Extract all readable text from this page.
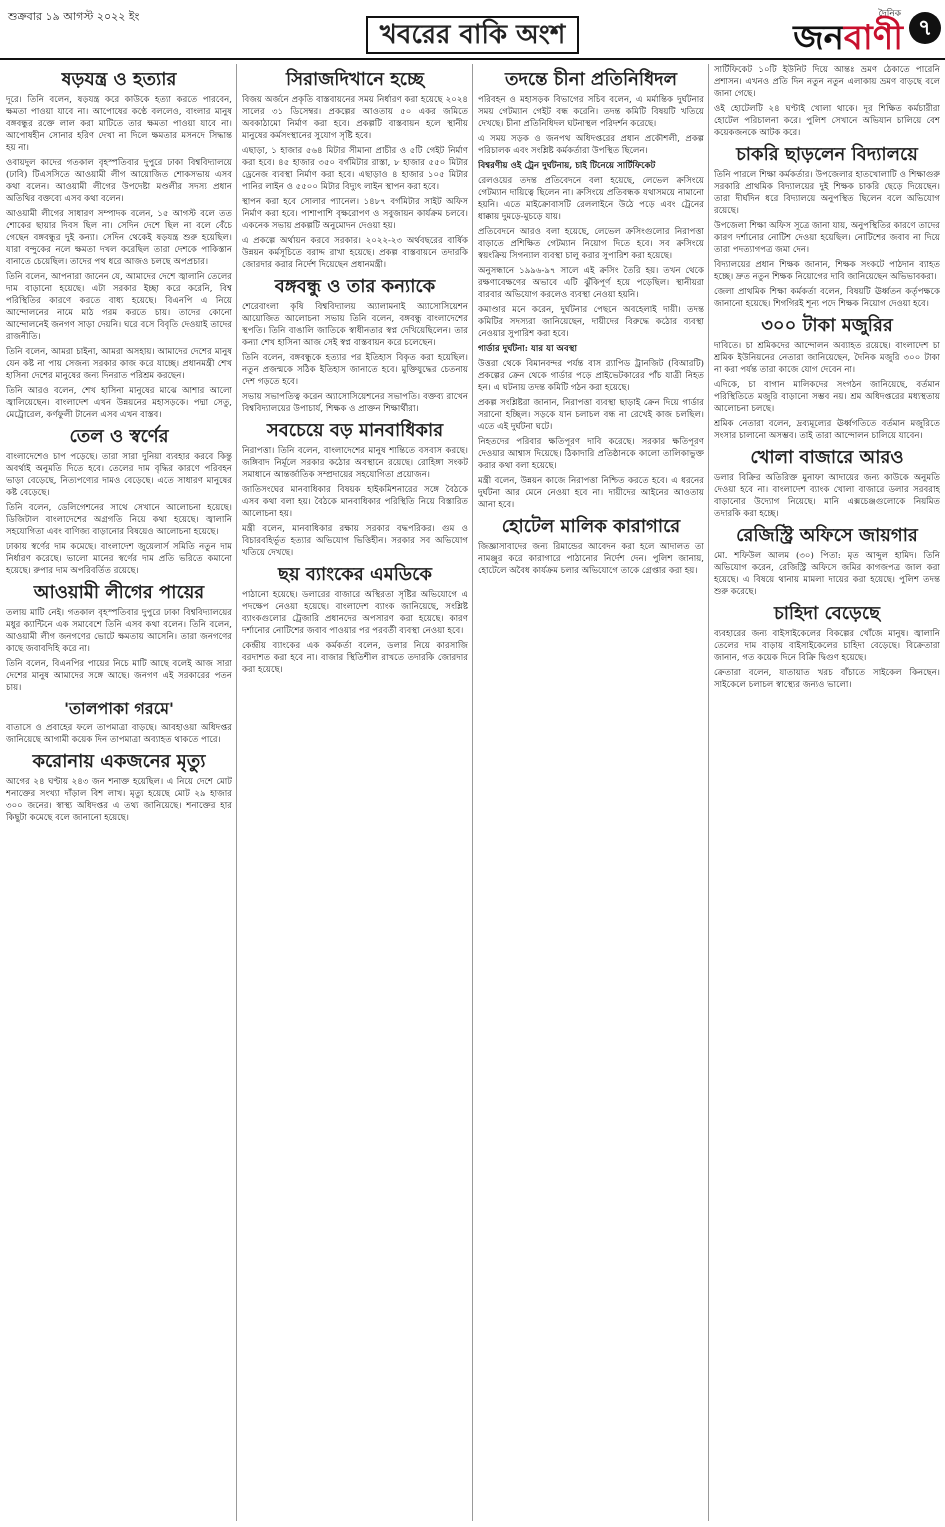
শুক্রবার ১৯ আগস্ট ২০২২ ইং
খবরের বাকি অংশ
দৈনিক
জনবাণী ৭
ষড়যন্ত্র ও হত্যার

দূরে। তিনি বলেন, ষড়যন্ত্র করে কাউকে হত্যা করতে পারবেন, ক্ষমতা পাওয়া যাবে না। আপোষের কণ্ঠে বললেও, বাংলার মানুষ বঙ্গবন্ধুর রক্তে লাল করা মাটিতে তার ক্ষমতা পাওয়া যাবে না। আপোষহীন সোনার হরিণ দেখা না দিলে ক্ষমতার মসনদে সিদ্ধান্ত হয় না।

ওবায়দুল কাদের গতকাল বৃহস্পতিবার দুপুরে ঢাকা বিশ্ববিদ্যালয়ে (ঢাবি) টিএসসিতে আওয়ামী লীগ আয়োজিত শোকসভায় এসব কথা বলেন। আওয়ামী লীগের উপদেষ্টা মণ্ডলীর সদস্য প্রধান অতিথির বক্তব্যে এসব কথা বলেন।

আওয়ামী লীগের সাধারণ সম্পাদক বলেন, ১৫ আগস্ট বলে তত শোকের ছায়ার দিবস ছিল না। সেদিন দেশে ছিল না বলে বেঁচে গেছেন বঙ্গবন্ধুর দুই কন্যা। সেদিন থেকেই ষড়যন্ত্র শুরু হয়েছিল। যারা বন্দুকের নলে ক্ষমতা দখল করেছিল তারা দেশকে পাকিস্তান বানাতে চেয়েছিল। তাদের পথ ধরে আজও চলছে অপপ্রচার।

তিনি বলেন, আপনারা জানেন যে, আমাদের দেশে জ্বালানি তেলের দাম বাড়ানো হয়েছে। এটা সরকার ইচ্ছা করে করেনি, বিশ্ব পরিস্থিতির কারণে করতে বাধ্য হয়েছে। বিএনপি এ নিয়ে আন্দোলনের নামে মাঠ গরম করতে চায়। তাদের কোনো আন্দোলনেই জনগণ সাড়া দেয়নি। ঘরে বসে বিবৃতি দেওয়াই তাদের রাজনীতি।

তিনি বলেন, আমরা চাইনা, আমরা অসহায়। আমাদের দেশের মানুষ যেন কষ্ট না পায় সেজন্য সরকার কাজ করে যাচ্ছে। প্রধানমন্ত্রী শেখ হাসিনা দেশের মানুষের জন্য দিনরাত পরিশ্রম করছেন।

তিনি আরও বলেন, শেখ হাসিনা মানুষের মাঝে আশার আলো জ্বালিয়েছেন। বাংলাদেশ এখন উন্নয়নের মহাসড়কে। পদ্মা সেতু, মেট্রোরেল, কর্ণফুলী টানেল এসব এখন বাস্তব।

তেল ও স্বর্ণের

বাংলাদেশেও চাপ পড়েছে। তারা সারা দুনিয়া ব্যবহার করবে কিন্তু অবর্থাই অনুমতি দিতে হবে। তেলের দাম বৃদ্ধির কারণে পরিবহন ভাড়া বেড়েছে, নিত্যপণ্যের দামও বেড়েছে। এতে সাধারণ মানুষের কষ্ট বেড়েছে।

তিনি বলেন, ডেলিগেশনের সাথে সেখানে আলোচনা হয়েছে। ডিজিটাল বাংলাদেশের অগ্রগতি নিয়ে কথা হয়েছে। জ্বালানি সহযোগিতা এবং বাণিজ্য বাড়ানোর বিষয়েও আলোচনা হয়েছে।

ঢাকায় স্বর্ণের দাম কমেছে। বাংলাদেশ জুয়েলার্স সমিতি নতুন দাম নির্ধারণ করেছে। ভালো মানের স্বর্ণের দাম প্রতি ভরিতে কমানো হয়েছে। রুপার দাম অপরিবর্তিত রয়েছে।

আওয়ামী লীগের পায়ের

তলায় মাটি নেই। গতকাল বৃহস্পতিবার দুপুরে ঢাকা বিশ্ববিদ্যালয়ের মধুর ক্যান্টিনে এক সমাবেশে তিনি এসব কথা বলেন। তিনি বলেন, আওয়ামী লীগ জনগণের ভোটে ক্ষমতায় আসেনি। তারা জনগণের কাছে জবাবদিহি করে না।

তিনি বলেন, বিএনপির পায়ের নিচে মাটি আছে বলেই আজ সারা দেশের মানুষ আমাদের সঙ্গে আছে। জনগণ এই সরকারের পতন চায়।

'তালপাকা গরমে'

বাতাসে ও প্রবাহের ফলে তাপমাত্রা বাড়ছে। আবহাওয়া অধিদপ্তর জানিয়েছে আগামী কয়েক দিন তাপমাত্রা অব্যাহত থাকতে পারে।

করোনায় একজনের মৃত্যু

আগের ২৪ ঘণ্টায় ২৪৩ জন শনাক্ত হয়েছিল। এ নিয়ে দেশে মোট শনাক্তের সংখ্যা দাঁড়াল বিশ লাখ। মৃত্যু হয়েছে মোট ২৯ হাজার ৩০০ জনের। স্বাস্থ্য অধিদপ্তর এ তথ্য জানিয়েছে। শনাক্তের হার কিছুটা কমেছে বলে জানানো হয়েছে।

সিরাজদিখানে হচ্ছে

বিজয় অর্জনে প্রকৃতি বাস্তবায়নের সময় নির্ধারণ করা হয়েছে ২০২৪ সালের ৩১ ডিসেম্বর। প্রকল্পের আওতায় ৫০ একর জমিতে অবকাঠামো নির্মাণ করা হবে। প্রকল্পটি বাস্তবায়ন হলে স্থানীয় মানুষের কর্মসংস্থানের সুযোগ সৃষ্টি হবে।

এছাড়া, ১ হাজার ৫৬৪ মিটার সীমানা প্রাচীর ও ৫টি গেইট নির্মাণ করা হবে। ৪৫ হাজার ৩৫০ বর্গমিটার রাস্তা, ৮ হাজার ৫৫০ মিটার ড্রেনেজ ব্যবস্থা নির্মাণ করা হবে। এছাড়াও ৪ হাজার ১০৫ মিটার পানির লাইন ও ৫৫০০ মিটার বিদ্যুৎ লাইন স্থাপন করা হবে।

স্থাপন করা হবে সোলার প্যানেল। ১৪৮৭ বর্গমিটার সাইট অফিস নির্মাণ করা হবে। পাশাপাশি বৃক্ষরোপণ ও সবুজায়ন কার্যক্রম চলবে। একনেক সভায় প্রকল্পটি অনুমোদন দেওয়া হয়।

এ প্রকল্পে অর্থায়ন করবে সরকার। ২০২২-২৩ অর্থবছরের বার্ষিক উন্নয়ন কর্মসূচিতে বরাদ্দ রাখা হয়েছে। প্রকল্প বাস্তবায়নে তদারকি জোরদার করার নির্দেশ দিয়েছেন প্রধানমন্ত্রী।

বঙ্গবন্ধু ও তার কন্যাকে

শেরেবাংলা কৃষি বিশ্ববিদ্যালয় অ্যালামনাই অ্যাসোসিয়েশন আয়োজিত আলোচনা সভায় তিনি বলেন, বঙ্গবন্ধু বাংলাদেশের স্থপতি। তিনি বাঙালি জাতিকে স্বাধীনতার স্বপ্ন দেখিয়েছিলেন। তার কন্যা শেখ হাসিনা আজ সেই স্বপ্ন বাস্তবায়ন করে চলেছেন।

তিনি বলেন, বঙ্গবন্ধুকে হত্যার পর ইতিহাস বিকৃত করা হয়েছিল। নতুন প্রজন্মকে সঠিক ইতিহাস জানাতে হবে। মুক্তিযুদ্ধের চেতনায় দেশ গড়তে হবে।

সভায় সভাপতিত্ব করেন অ্যাসোসিয়েশনের সভাপতি। বক্তব্য রাখেন বিশ্ববিদ্যালয়ের উপাচার্য, শিক্ষক ও প্রাক্তন শিক্ষার্থীরা।

সবচেয়ে বড় মানবাধিকার

নিরাপত্তা। তিনি বলেন, বাংলাদেশের মানুষ শান্তিতে বসবাস করছে। জঙ্গিবাদ নির্মূলে সরকার কঠোর অবস্থানে রয়েছে। রোহিঙ্গা সংকট সমাধানে আন্তর্জাতিক সম্প্রদায়ের সহযোগিতা প্রয়োজন।

জাতিসংঘের মানবাধিকার বিষয়ক হাইকমিশনারের সঙ্গে বৈঠকে এসব কথা বলা হয়। বৈঠকে মানবাধিকার পরিস্থিতি নিয়ে বিস্তারিত আলোচনা হয়।

মন্ত্রী বলেন, মানবাধিকার রক্ষায় সরকার বদ্ধপরিকর। গুম ও বিচারবহির্ভূত হত্যার অভিযোগ ভিত্তিহীন। সরকার সব অভিযোগ খতিয়ে দেখছে।

ছয় ব্যাংকের এমডিকে

পাঠানো হয়েছে। ডলারের বাজারে অস্থিরতা সৃষ্টির অভিযোগে এ পদক্ষেপ নেওয়া হয়েছে। বাংলাদেশ ব্যাংক জানিয়েছে, সংশ্লিষ্ট ব্যাংকগুলোর ট্রেজারি প্রধানদের অপসারণ করা হয়েছে। কারণ দর্শানোর নোটিশের জবাব পাওয়ার পর পরবর্তী ব্যবস্থা নেওয়া হবে।

কেন্দ্রীয় ব্যাংকের এক কর্মকর্তা বলেন, ডলার নিয়ে কারসাজি বরদাশত করা হবে না। বাজার স্থিতিশীল রাখতে তদারকি জোরদার করা হয়েছে।

তদন্তে চীনা প্রতিনিধিদল

পরিবহন ও মহাসড়ক বিভাগের সচিব বলেন, এ মর্মান্তিক দুর্ঘটনার সময় গেটম্যান গেইট বন্ধ করেনি। তদন্ত কমিটি বিষয়টি খতিয়ে দেখছে। চীনা প্রতিনিধিদল ঘটনাস্থল পরিদর্শন করেছে।

এ সময় সড়ক ও জনপথ অধিদপ্তরের প্রধান প্রকৌশলী, প্রকল্প পরিচালক এবং সংশ্লিষ্ট কর্মকর্তারা উপস্থিত ছিলেন।

বিশ্বরণীয় ওই ট্রেন দুর্ঘটনায়, চাই টিনেয়ে সার্টিফিকেট

রেলওয়ের তদন্ত প্রতিবেদনে বলা হয়েছে, লেভেল ক্রসিংয়ে গেটম্যান দায়িত্বে ছিলেন না। ক্রসিংয়ে প্রতিবন্ধক যথাসময়ে নামানো হয়নি। এতে মাইক্রোবাসটি রেললাইনে উঠে পড়ে এবং ট্রেনের ধাক্কায় দুমড়ে-মুচড়ে যায়।

প্রতিবেদনে আরও বলা হয়েছে, লেভেল ক্রসিংগুলোর নিরাপত্তা বাড়াতে প্রশিক্ষিত গেটম্যান নিয়োগ দিতে হবে। সব ক্রসিংয়ে স্বয়ংক্রিয় সিগন্যাল ব্যবস্থা চালু করার সুপারিশ করা হয়েছে।

অনুসন্ধানে ১৯৯৬-৯৭ সালে এই ক্রসিং তৈরি হয়। তখন থেকে রক্ষণাবেক্ষণের অভাবে এটি ঝুঁকিপূর্ণ হয়ে পড়েছিল। স্থানীয়রা বারবার অভিযোগ করলেও ব্যবস্থা নেওয়া হয়নি।

কমাণ্ডার মনে করেন, দুর্ঘটনার পেছনে অবহেলাই দায়ী। তদন্ত কমিটির সদস্যরা জানিয়েছেন, দায়ীদের বিরুদ্ধে কঠোর ব্যবস্থা নেওয়ার সুপারিশ করা হবে।

গার্ডার দুর্ঘটনা: যার যা অবস্থা

উত্তরা থেকে বিমানবন্দর পর্যন্ত বাস র‍্যাপিড ট্রানজিট (বিআরটি) প্রকল্পের ক্রেন থেকে গার্ডার পড়ে প্রাইভেটকারের পাঁচ যাত্রী নিহত হন। এ ঘটনায় তদন্ত কমিটি গঠন করা হয়েছে।

প্রকল্প সংশ্লিষ্টরা জানান, নিরাপত্তা ব্যবস্থা ছাড়াই ক্রেন দিয়ে গার্ডার সরানো হচ্ছিল। সড়কে যান চলাচল বন্ধ না রেখেই কাজ চলছিল। এতে এই দুর্ঘটনা ঘটে।

নিহতদের পরিবার ক্ষতিপূরণ দাবি করেছে। সরকার ক্ষতিপূরণ দেওয়ার আশ্বাস দিয়েছে। ঠিকাদারি প্রতিষ্ঠানকে কালো তালিকাভুক্ত করার কথা বলা হয়েছে।

মন্ত্রী বলেন, উন্নয়ন কাজে নিরাপত্তা নিশ্চিত করতে হবে। এ ধরনের দুর্ঘটনা আর মেনে নেওয়া হবে না। দায়ীদের আইনের আওতায় আনা হবে।

হোটেল মালিক কারাগারে

জিজ্ঞাসাবাদের জন্য রিমান্ডের আবেদন করা হলে আদালত তা নামঞ্জুর করে কারাগারে পাঠানোর নির্দেশ দেন। পুলিশ জানায়, হোটেলে অবৈধ কার্যক্রম চলার অভিযোগে তাকে গ্রেপ্তার করা হয়।

সার্টিফিকেট ১০টি ইউনিট দিয়ে আন্তঃ ভ্রমণ ঠেকাতে পারেনি প্রশাসন। এখনও প্রতি দিন নতুন নতুন এলাকায় ভ্রমণ বাড়ছে বলে জানা গেছে।

ওই হোটেলটি ২৪ ঘণ্টাই খোলা থাকে। দূর শিক্ষিত কর্মচারীরা হোটেল পরিচালনা করে। পুলিশ সেখানে অভিযান চালিয়ে বেশ কয়েকজনকে আটক করে।

চাকরি ছাড়লেন বিদ্যালয়ে

তিনি পারলে শিক্ষা কর্মকর্তার। উপজেলার হাতখোলাটি ও শিক্ষাগুরু সরকারি প্রাথমিক বিদ্যালয়ের দুই শিক্ষক চাকরি ছেড়ে দিয়েছেন। তারা দীর্ঘদিন ধরে বিদ্যালয়ে অনুপস্থিত ছিলেন বলে অভিযোগ রয়েছে।

উপজেলা শিক্ষা অফিস সূত্রে জানা যায়, অনুপস্থিতির কারণে তাদের কারণ দর্শানোর নোটিশ দেওয়া হয়েছিল। নোটিশের জবাব না দিয়ে তারা পদত্যাগপত্র জমা দেন।

বিদ্যালয়ের প্রধান শিক্ষক জানান, শিক্ষক সংকটে পাঠদান ব্যাহত হচ্ছে। দ্রুত নতুন শিক্ষক নিয়োগের দাবি জানিয়েছেন অভিভাবকরা।

জেলা প্রাথমিক শিক্ষা কর্মকর্তা বলেন, বিষয়টি ঊর্ধ্বতন কর্তৃপক্ষকে জানানো হয়েছে। শিগগিরই শূন্য পদে শিক্ষক নিয়োগ দেওয়া হবে।

৩০০ টাকা মজুরির

দাবিতে। চা শ্রমিকদের আন্দোলন অব্যাহত রয়েছে। বাংলাদেশ চা শ্রমিক ইউনিয়নের নেতারা জানিয়েছেন, দৈনিক মজুরি ৩০০ টাকা না করা পর্যন্ত তারা কাজে যোগ দেবেন না।

এদিকে, চা বাগান মালিকদের সংগঠন জানিয়েছে, বর্তমান পরিস্থিতিতে মজুরি বাড়ানো সম্ভব নয়। শ্রম অধিদপ্তরের মধ্যস্থতায় আলোচনা চলছে।

শ্রমিক নেতারা বলেন, দ্রব্যমূল্যের ঊর্ধ্বগতিতে বর্তমান মজুরিতে সংসার চালানো অসম্ভব। তাই তারা আন্দোলন চালিয়ে যাবেন।

খোলা বাজারে আরও

ডলার বিক্রির অতিরিক্ত মুনাফা আদায়ের জন্য কাউকে অনুমতি দেওয়া হবে না। বাংলাদেশ ব্যাংক খোলা বাজারে ডলার সরবরাহ বাড়ানোর উদ্যোগ নিয়েছে। মানি এক্সচেঞ্জগুলোকে নিয়মিত তদারকি করা হচ্ছে।

রেজিস্ট্রি অফিসে জায়গার

মো. শফিউল আলম (৩০) পিতা: মৃত আব্দুল হামিদ। তিনি অভিযোগ করেন, রেজিস্ট্রি অফিসে জমির কাগজপত্র জাল করা হয়েছে। এ বিষয়ে থানায় মামলা দায়ের করা হয়েছে। পুলিশ তদন্ত শুরু করেছে।

চাহিদা বেড়েছে

ব্যবহারের জন্য বাইসাইকেলের বিকল্পের খোঁজে মানুষ। জ্বালানি তেলের দাম বাড়ায় বাইসাইকেলের চাহিদা বেড়েছে। বিক্রেতারা জানান, গত কয়েক দিনে বিক্রি দ্বিগুণ হয়েছে।

ক্রেতারা বলেন, যাতায়াত খরচ বাঁচাতে সাইকেল কিনছেন। সাইকেলে চলাচল স্বাস্থ্যের জন্যও ভালো।
